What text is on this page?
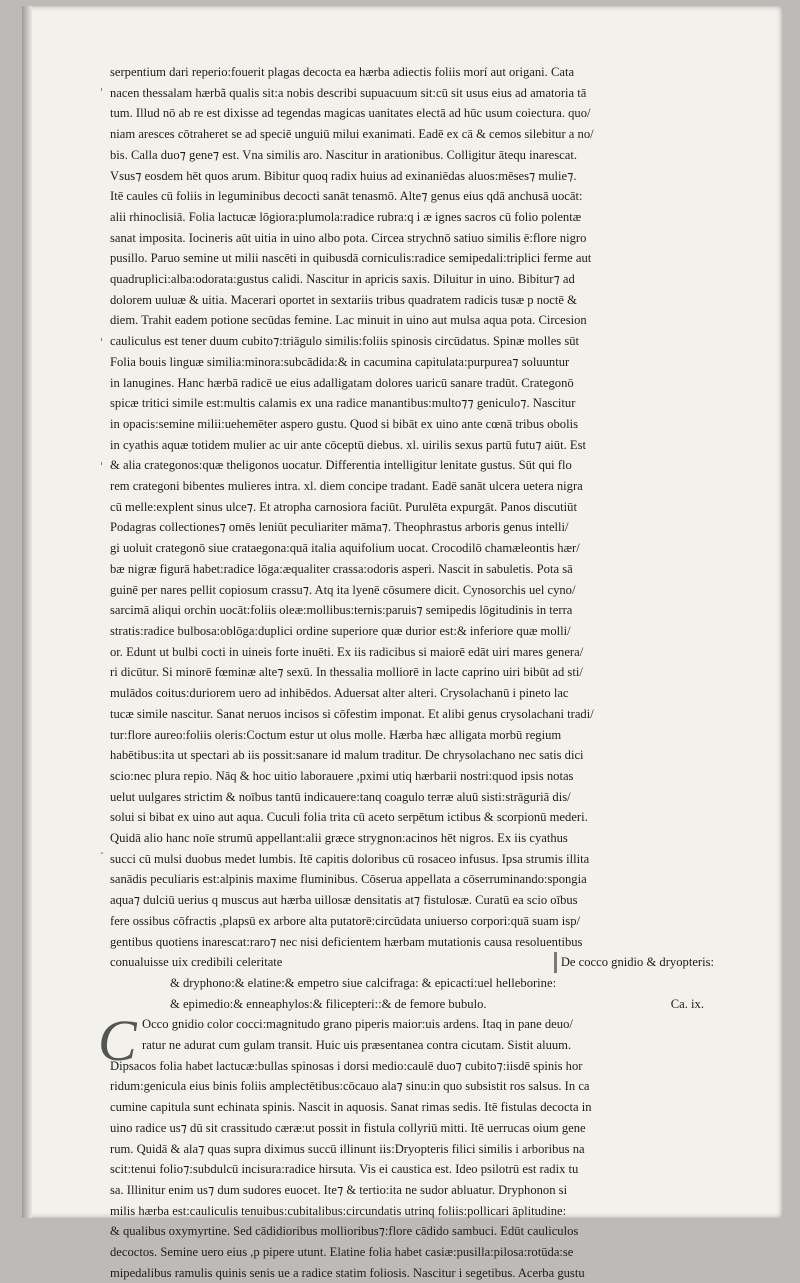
'
'
'
-
serpentium dari reperio:fouerit plagas decocta ea hærba adiectis foliis morí aut origani. Cata
nacen thessalam hærbã qualis sit:a nobis describi supuacuum sit:cū sit usus eius ad amatoria tā
tum. Illud nō ab re est dixisse ad tegendas magicas uanitates electā ad hūc usum coiectura. quo/
niam aresces cōtraheret se ad speciē unguiū milui exanimati. Eadē ex cā & cemos silebitur a no/
bis. Calla duo⁊ gene⁊ est. Vna similis aro. Nascitur in arationibus. Colligitur ātequ inarescat.
Vsus⁊ eosdem hēt quos arum. Bibitur quoq radix huius ad exinaniēdas aluos:mēses⁊ mulie⁊.
Itē caules cū foliis in leguminibus decocti sanāt tenasmō. Alte⁊ genus eius qdā anchusā uocāt:
alii rhinoclisiā. Folia lactucæ lōgiora:plumola:radice rubra:q i æ ignes sacros cū folio polentæ
sanat imposita. Iocineris aūt uitia in uino albo pota. Circea strychnō satiuo similis ē:flore nigro
pusillo. Paruo semine ut milii nascēti in quibusdā corniculis:radice semipedali:triplici ferme aut
quadruplici:alba:odorata:gustus calidi. Nascitur in apricis saxis. Diluitur in uino. Bibitur⁊ ad
dolorem uuluæ & uitia. Macerari oportet in sextariis tribus quadratem radicis tusæ p noctē &
diem. Trahit eadem potione secūdas femine. Lac minuit in uino aut mulsa aqua pota. Circesion
cauliculus est tener duum cubito⁊:triāgulo similis:foliis spinosis circūdatus. Spinæ molles sūt
Folia bouis linguæ similia:minora:subcādida:& in cacumina capitulata:purpurea⁊ soluuntur
in lanugines. Hanc hærbā radicē ue eius adalligatam dolores uaricū sanare tradūt. Crategonō
spicæ tritici simile est:multis calamis ex una radice manantibus:multo⁊⁊ geniculo⁊. Nascitur
in opacis:semine milii:uehemēter aspero gustu. Quod si bibāt ex uino ante cœnā tribus obolis
in cyathis aquæ totidem mulier ac uir ante cōceptū diebus. xl. uirilis sexus partū futu⁊ aiūt. Est
& alia crategonos:quæ theligonos uocatur. Differentia intelligitur lenitate gustus. Sūt qui flo
rem crategoni bibentes mulieres intra. xl. diem concipe tradant. Eadē sanāt ulcera uetera nigra
cū melle:explent sinus ulce⁊. Et atropha carnosiora faciūt. Purulēta expurgāt. Panos discutiūt
Podagras collectiones⁊ omēs leniūt peculiariter māma⁊. Theophrastus arboris genus intelli/
gi uoluit crategonō siue crataegona:quā italia aquifolium uocat. Crocodilō chamæleontis hær/
bæ nigræ figurā habet:radice lōga:æqualiter crassa:odoris asperi. Nascit in sabuletis. Pota sā
guinē per nares pellit copiosum crassu⁊. Atq ita lyenē cōsumere dicit. Cynosorchis uel cyno/
sarcimā aliqui orchin uocāt:foliis oleæ:mollibus:ternis:paruis⁊ semipedis lōgitudinis in terra
stratis:radice bulbosa:oblōga:duplici ordine superiore quæ durior est:& inferiore quæ molli/
or. Edunt ut bulbi cocti in uineis forte inuēti. Ex iis radicibus si maiorē edāt uiri mares genera/
ri dicūtur. Si minorē fœminæ alte⁊ sexū. In thessalia molliorē in lacte caprino uiri bibūt ad sti/
mulādos coitus:duriorem uero ad inhibēdos. Aduersat alter alteri. Crysolachanū i pineto lac
tucæ simile nascitur. Sanat neruos incisos si cōfestim imponat. Et alibi genus crysolachani tradi/
tur:flore aureo:foliis oleris:Coctum estur ut olus molle. Hærba hæc alligata morbū regium
habētibus:ita ut spectari ab iis possit:sanare id malum traditur. De chrysolachano nec satis dici
scio:nec plura repio. Nāq & hoc uitio laborauere ,pximi utiq hærbarii nostri:quod ipsis notas
uelut uulgares strictim & noībus tantū indicauere:tanq coagulo terræ aluū sisti:strāguriā dis/
solui si bibat ex uino aut aqua. Cuculi folia trita cū aceto serpētum ictibus & scorpionū mederi.
Quidā alio hanc noīe strumū appellant:alii græce strygnon:acinos hēt nigros. Ex iis cyathus
succi cū mulsi duobus medet lumbis. Itē capitis doloribus cū rosaceo infusus. Ipsa strumis illita
sanādis peculiaris est:alpinis maxime fluminibus. Cōserua appellata a cōserruminando:spongia
aqua⁊ dulciū uerius q muscus aut hærba uillosæ densitatis at⁊ fistulosæ. Curatū ea scio oībus
fere ossibus cōfractis ,plapsū ex arbore alta putatorē:circūdata uniuerso corpori:quā suam isp/
gentibus quotiens inarescat:raro⁊ nec nisi deficientem hærbam mutationis causa resoluentibus
conualuisse uix credibili celeritate	De cocco gnidio & dryopteris:
& dryphono:& elatine:& empetro siue calcifraga: & epicacti:uel helleborine:
& epimedio:& enneaphylos:& filicepteri::& de femore bubulo.	Ca. ix.
C Occo gnidio color cocci:magnitudo grano piperis maior:uis ardens. Itaq in pane deuo/
ratur ne adurat cum gulam transit. Huic uis præsentanea contra cicutam. Sistit aluum.
Dipsacos folia habet lactucæ:bullas spinosas i dorsi medio:caulē duo⁊ cubito⁊:iisdē spinis hor
ridum:genicula eius binis foliis amplectētibus:cōcauo ala⁊ sinu:in quo subsistit ros salsus. In ca
cumine capitula sunt echinata spinis. Nascit in aquosis. Sanat rimas sedis. Itē fistulas decocta in
uino radice us⁊ dū sit crassitudo cæræ:ut possit in fistula collyriū mitti. Itē uerrucas oium gene
rum. Quidā & ala⁊ quas supra diximus succū illinunt iis:Dryopteris filici similis i arboribus na
scit:tenui folio⁊:subdulcū incisura:radice hirsuta. Vis ei caustica est. Ideo psilotrū est radix tu
sa. Illinitur enim us⁊ dum sudores euocet. Ite⁊ & tertio:ita ne sudor abluatur. Dryphonon si
milis hærba est:cauliculis tenuibus:cubitalibus:circundatis utrinq foliis:pollicari āplitudine:
& qualibus oxymyrtine. Sed cādidioribus mollioribus⁊:flore cādido sambuci. Edūt cauliculos
decoctos. Semine uero eius ,p pipere utunt. Elatine folia habet casiæ:pusilla:pilosa:rotūda:se
mipedalibus ramulis quinis senis ue a radice statim foliosis. Nascitur i segetibus. Acerba gustu
